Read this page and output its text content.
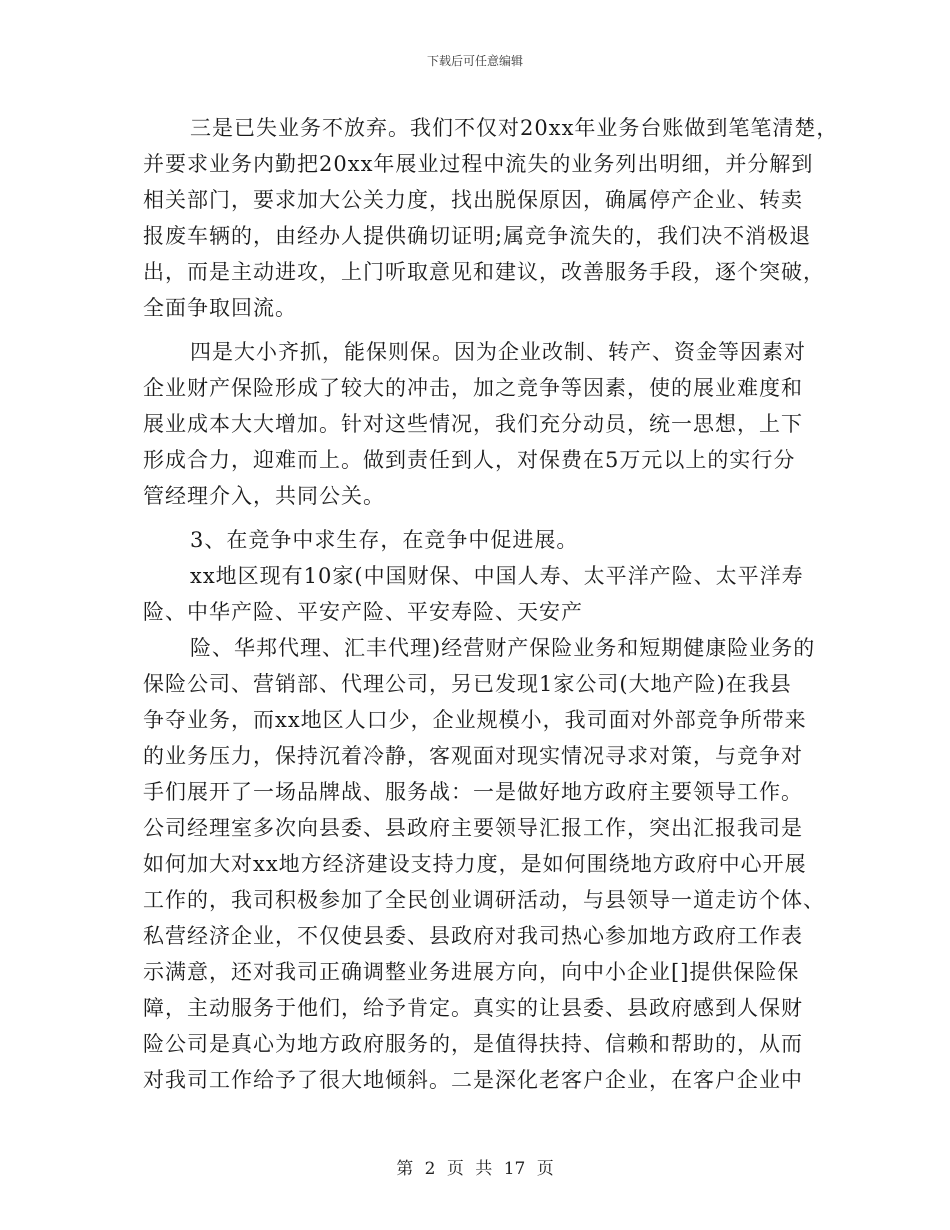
下载后可任意编辑
三是已失业务不放弃。我们不仅对20xx年业务台账做到笔笔清楚，
并要求业务内勤把20xx年展业过程中流失的业务列出明细，并分解到
相关部门，要求加大公关力度，找出脱保原因，确属停产企业、转卖
报废车辆的，由经办人提供确切证明;属竞争流失的，我们决不消极退
出，而是主动进攻，上门听取意见和建议，改善服务手段，逐个突破，
全面争取回流。
四是大小齐抓，能保则保。因为企业改制、转产、资金等因素对
企业财产保险形成了较大的冲击，加之竞争等因素，使的展业难度和
展业成本大大增加。针对这些情况，我们充分动员，统一思想，上下
形成合力，迎难而上。做到责任到人，对保费在5万元以上的实行分
管经理介入，共同公关。
3、在竞争中求生存，在竞争中促进展。
xx地区现有10家(中国财保、中国人寿、太平洋产险、太平洋寿
险、中华产险、平安产险、平安寿险、天安产
险、华邦代理、汇丰代理)经营财产保险业务和短期健康险业务的
保险公司、营销部、代理公司，另已发现1家公司(大地产险)在我县
争夺业务，而xx地区人口少，企业规模小，我司面对外部竞争所带来
的业务压力，保持沉着冷静，客观面对现实情况寻求对策，与竞争对
手们展开了一场品牌战、服务战：一是做好地方政府主要领导工作。
公司经理室多次向县委、县政府主要领导汇报工作，突出汇报我司是
如何加大对xx地方经济建设支持力度，是如何围绕地方政府中心开展
工作的，我司积极参加了全民创业调研活动，与县领导一道走访个体、
私营经济企业，不仅使县委、县政府对我司热心参加地方政府工作表
示满意，还对我司正确调整业务进展方向，向中小企业[]提供保险保
障，主动服务于他们，给予肯定。真实的让县委、县政府感到人保财
险公司是真心为地方政府服务的，是值得扶持、信赖和帮助的，从而
对我司工作给予了很大地倾斜。二是深化老客户企业，在客户企业中
第 2 页 共 17 页
